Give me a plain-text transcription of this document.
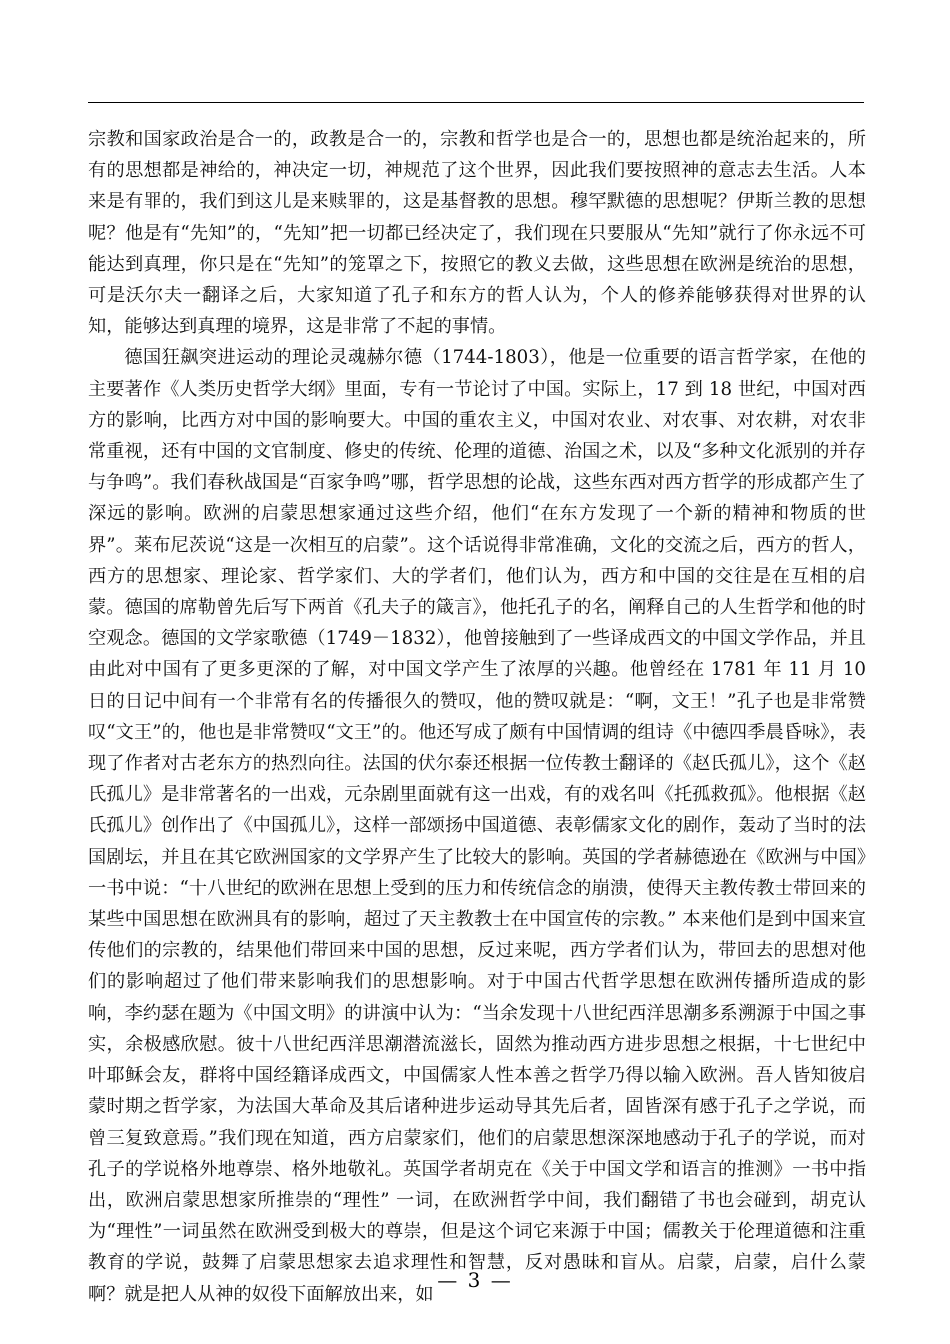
宗教和国家政治是合一的，政教是合一的，宗教和哲学也是合一的，思想也都是统治起来的，所有的思想都是神给的，神决定一切，神规范了这个世界，因此我们要按照神的意志去生活。人本来是有罪的，我们到这儿是来赎罪的，这是基督教的思想。穆罕默德的思想呢？伊斯兰教的思想呢？他是有“先知”的，“先知”把一切都已经决定了，我们现在只要服从“先知”就行了你永远不可能达到真理，你只是在“先知”的笼罩之下，按照它的教义去做，这些思想在欧洲是统治的思想，可是沃尔夫一翻译之后，大家知道了孔子和东方的哲人认为，个人的修养能够获得对世界的认知，能够达到真理的境界，这是非常了不起的事情。

德国狂飙突进运动的理论灵魂赫尔德（1744-1803），他是一位重要的语言哲学家，在他的主要著作《人类历史哲学大纲》里面，专有一节论讨了中国。实际上，17 到 18 世纪，中国对西方的影响，比西方对中国的影响要大。中国的重农主义，中国对农业、对农事、对农耕，对农非常重视，还有中国的文官制度、修史的传统、伦理的道德、治国之术，以及“多种文化派别的并存与争鸣”。我们春秋战国是“百家争鸣”哪，哲学思想的论战，这些东西对西方哲学的形成都产生了深远的影响。欧洲的启蒙思想家通过这些介绍，他们“在东方发现了一个新的精神和物质的世界”。莱布尼茨说“这是一次相互的启蒙”。这个话说得非常准确，文化的交流之后，西方的哲人，西方的思想家、理论家、哲学家们、大的学者们，他们认为，西方和中国的交往是在互相的启蒙。德国的席勒曾先后写下两首《孔夫子的箴言》，他托孔子的名，阐释自己的人生哲学和他的时空观念。德国的文学家歌德（1749－1832），他曾接触到了一些译成西文的中国文学作品，并且由此对中国有了更多更深的了解，对中国文学产生了浓厚的兴趣。他曾经在 1781 年 11 月 10 日的日记中间有一个非常有名的传播很久的赞叹，他的赞叹就是：“啊，文王！”孔子也是非常赞叹“文王”的，他也是非常赞叹“文王”的。他还写成了颇有中国情调的组诗《中德四季晨昏咏》，表现了作者对古老东方的热烈向往。法国的伏尔泰还根据一位传教士翻译的《赵氏孤儿》，这个《赵氏孤儿》是非常著名的一出戏，元杂剧里面就有这一出戏，有的戏名叫《托孤救孤》。他根据《赵氏孤儿》创作出了《中国孤儿》，这样一部颂扬中国道德、表彰儒家文化的剧作，轰动了当时的法国剧坛，并且在其它欧洲国家的文学界产生了比较大的影响。英国的学者赫德逊在《欧洲与中国》一书中说：“十八世纪的欧洲在思想上受到的压力和传统信念的崩溃，使得天主教传教士带回来的某些中国思想在欧洲具有的影响，超过了天主教教士在中国宣传的宗教。” 本来他们是到中国来宣传他们的宗教的，结果他们带回来中国的思想，反过来呢，西方学者们认为，带回去的思想对他们的影响超过了他们带来影响我们的思想影响。对于中国古代哲学思想在欧洲传播所造成的影响，李约瑟在题为《中国文明》的讲演中认为：“当余发现十八世纪西洋思潮多系溯源于中国之事实，余极感欣慰。彼十八世纪西洋思潮潜流滋长，固然为推动西方进步思想之根据，十七世纪中叶耶稣会友，群将中国经籍译成西文，中国儒家人性本善之哲学乃得以输入欧洲。吾人皆知彼启蒙时期之哲学家，为法国大革命及其后诸种进步运动导其先后者，固皆深有感于孔子之学说，而曾三复致意焉。”我们现在知道，西方启蒙家们，他们的启蒙思想深深地感动于孔子的学说，而对孔子的学说格外地尊崇、格外地敬礼。英国学者胡克在《关于中国文学和语言的推测》一书中指出，欧洲启蒙思想家所推崇的“理性” 一词，在欧洲哲学中间，我们翻错了书也会碰到，胡克认为“理性”一词虽然在欧洲受到极大的尊崇，但是这个词它来源于中国；儒教关于伦理道德和注重教育的学说，鼓舞了启蒙思想家去追求理性和智慧，反对愚昧和盲从。启蒙，启蒙，启什么蒙啊？就是把人从神的奴役下面解放出来，如

— 3 —
